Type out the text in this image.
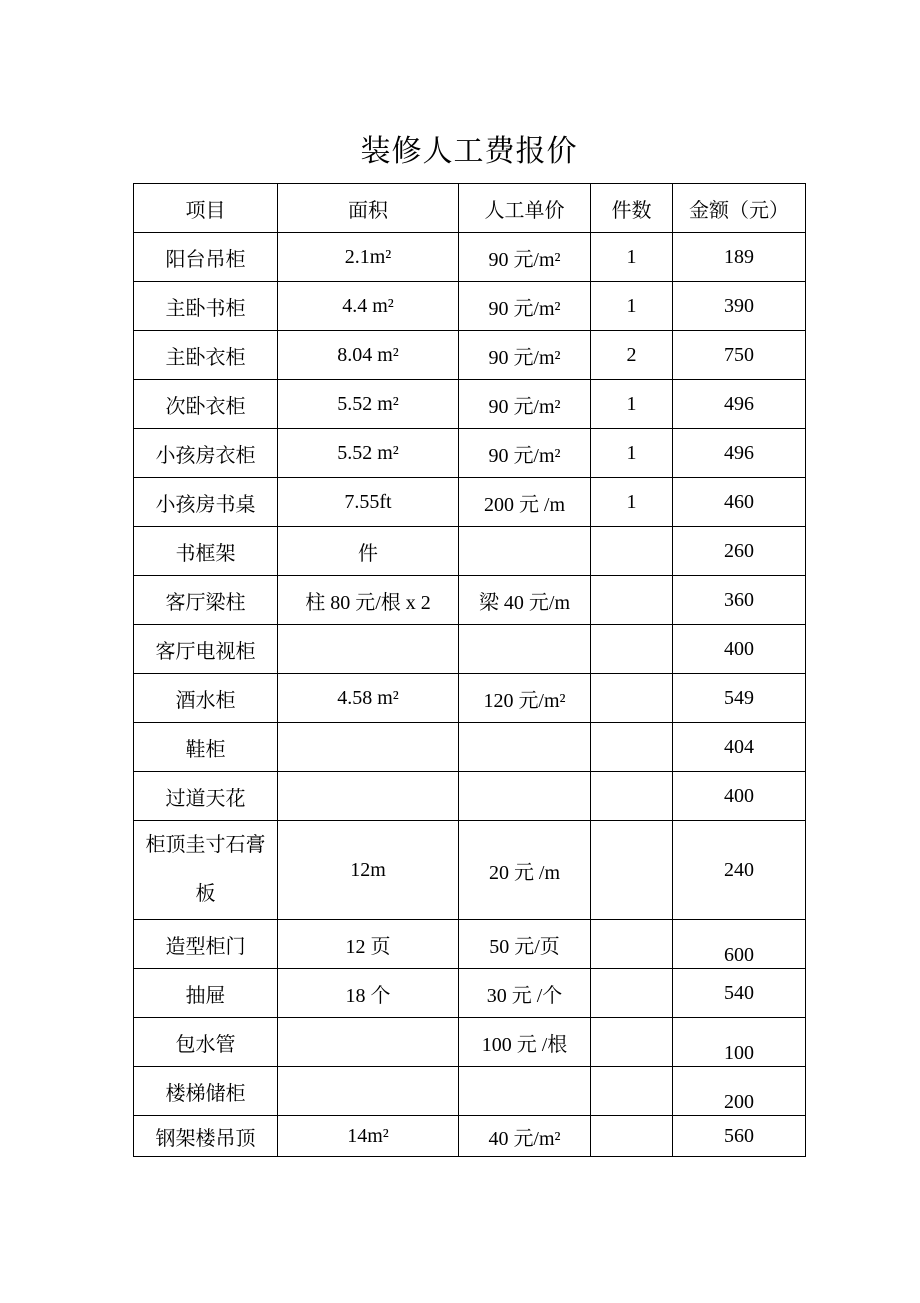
装修人工费报价
项目	面积	人工单价	件数	金额（元）
阳台吊柜	2.1m²	90 元/m²	1	189
主卧书柜	4.4 m²	90 元/m²	1	390
主卧衣柜	8.04 m²	90 元/m²	2	750
次卧衣柜	5.52 m²	90 元/m²	1	496
小孩房衣柜	5.52 m²	90 元/m²	1	496
小孩房书桌	7.55ft	200 元 /m	1	460
书框架	件			260
客厅梁柱	柱 80 元/根 x 2	梁 40 元/m		360
客厅电视柜				400
酒水柜	4.58 m²	120 元/m²		549
鞋柜				404
过道天花				400
柜顶圭寸石膏板	12m	20 元 /m		240
造型柜门	12 页	50 元/页		600
抽屉	18 个	30 元 /个		540
包水管		100 元 /根		100
楼梯储柜				200
钢架楼吊顶	14m²	40 元/m²		560
